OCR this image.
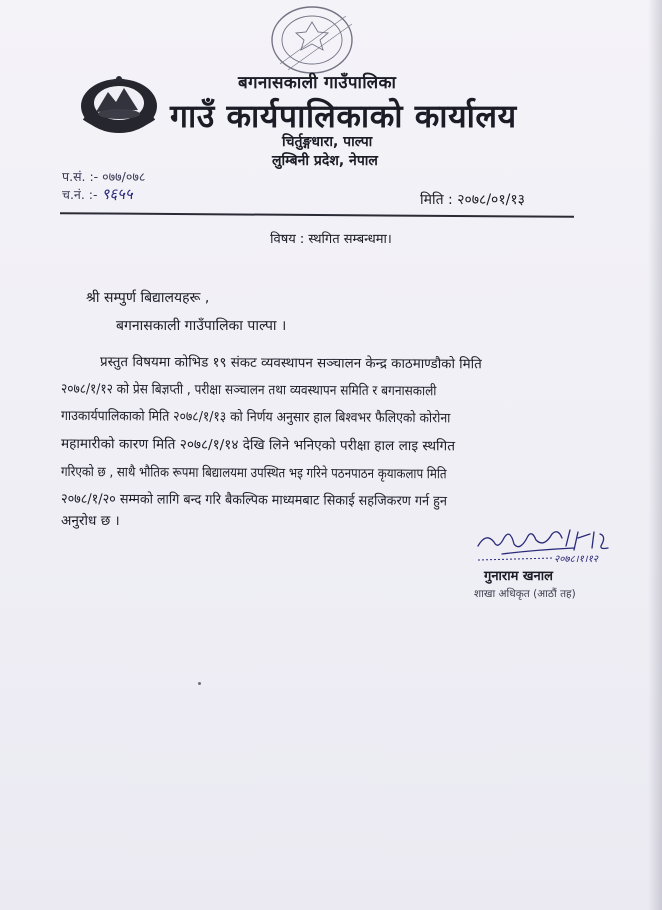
बगनासकाली गाउँपालिका
गाउँ कार्यपालिकाको कार्यालय
चिर्तुङ्गधारा, पाल्पा
लुम्बिनी प्रदेश, नेपाल
प.सं. :- ०७७/०७८
च.नं. :- ९६५५	मिति : २०७८/०१/१३
विषय : स्थगित सम्बन्धमा।
श्री सम्पुर्ण बिद्यालयहरू ,
बगनासकाली गाउँपालिका पाल्पा ।
प्रस्तुत विषयमा कोभिड १९ संकट व्यवस्थापन सञ्चालन केन्द्र काठमाण्डौको मिति
२०७८/१/१२ को प्रेस बिज्ञप्ती , परीक्षा सञ्चालन तथा व्यवस्थापन समिति र बगनासकाली
गाउकार्यपालिकाको मिति २०७८/१/१३ को निर्णय अनुसार हाल बिश्वभर फैलिएको कोरोना
महामारीको कारण मिति २०७८/१/१४ देखि लिने भनिएको परीक्षा हाल लाइ स्थगित
गरिएको छ , साथै भौतिक रूपमा बिद्यालयमा उपस्थित भइ गरिने पठनपाठन कृयाकलाप मिति
२०७८/१/२० सम्मको लागि बन्द गरि बैकल्पिक माध्यमबाट सिकाई सहजिकरण गर्न हुन
अनुरोध छ ।
२०७८।१।१२
गुनाराम खनाल
शाखा अधिकृत (आठौं तह)
